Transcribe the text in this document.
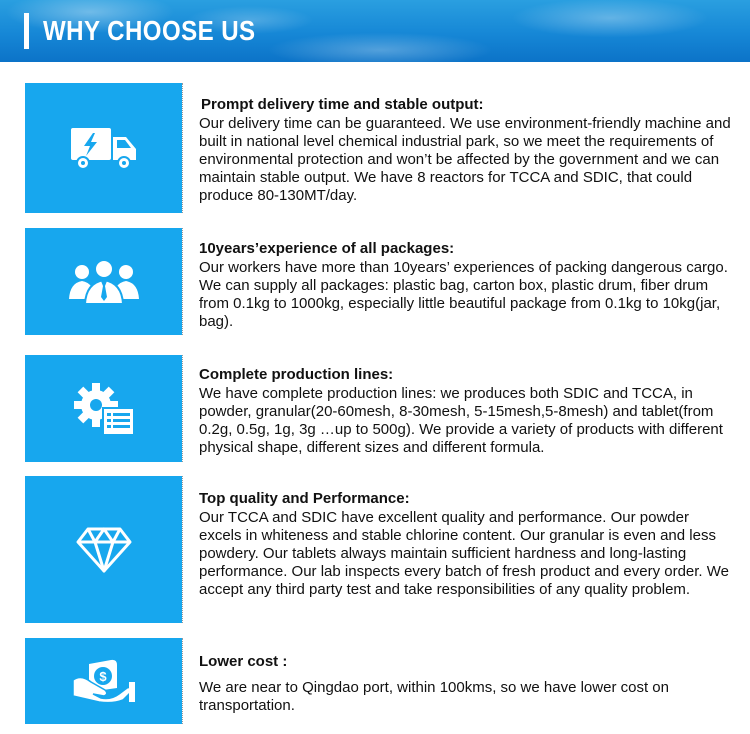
WHY CHOOSE US
Prompt delivery time and stable output:
Our delivery time can be guaranteed. We use environment-friendly machine and built in national level chemical industrial park, so we meet the requirements of environmental protection and won’t be affected by the government and we can maintain stable output. We have 8 reactors for TCCA and SDIC, that could produce 80-130MT/day.
10years’experience of all packages:
Our workers have more than 10years’ experiences of packing dangerous cargo. We can supply all packages: plastic bag, carton box, plastic drum, fiber drum from 0.1kg to 1000kg, especially little beautiful package from 0.1kg to 10kg(jar, bag).
Complete production lines:
We have complete production lines: we produces both SDIC and TCCA, in powder, granular(20-60mesh, 8-30mesh, 5-15mesh,5-8mesh) and tablet(from 0.2g, 0.5g, 1g, 3g …up to 500g). We provide a variety of products with different physical shape, different sizes and different formula.
Top quality and Performance:
Our TCCA and SDIC have excellent quality and performance. Our powder excels in whiteness and stable chlorine content. Our granular is even and less powdery. Our tablets always maintain sufficient hardness and long-lasting performance. Our lab inspects every batch of fresh product and every order. We accept any third party test and take responsibilities of any quality problem.
$
Lower cost :
We are near to Qingdao port, within 100kms, so we have lower cost on transportation.
